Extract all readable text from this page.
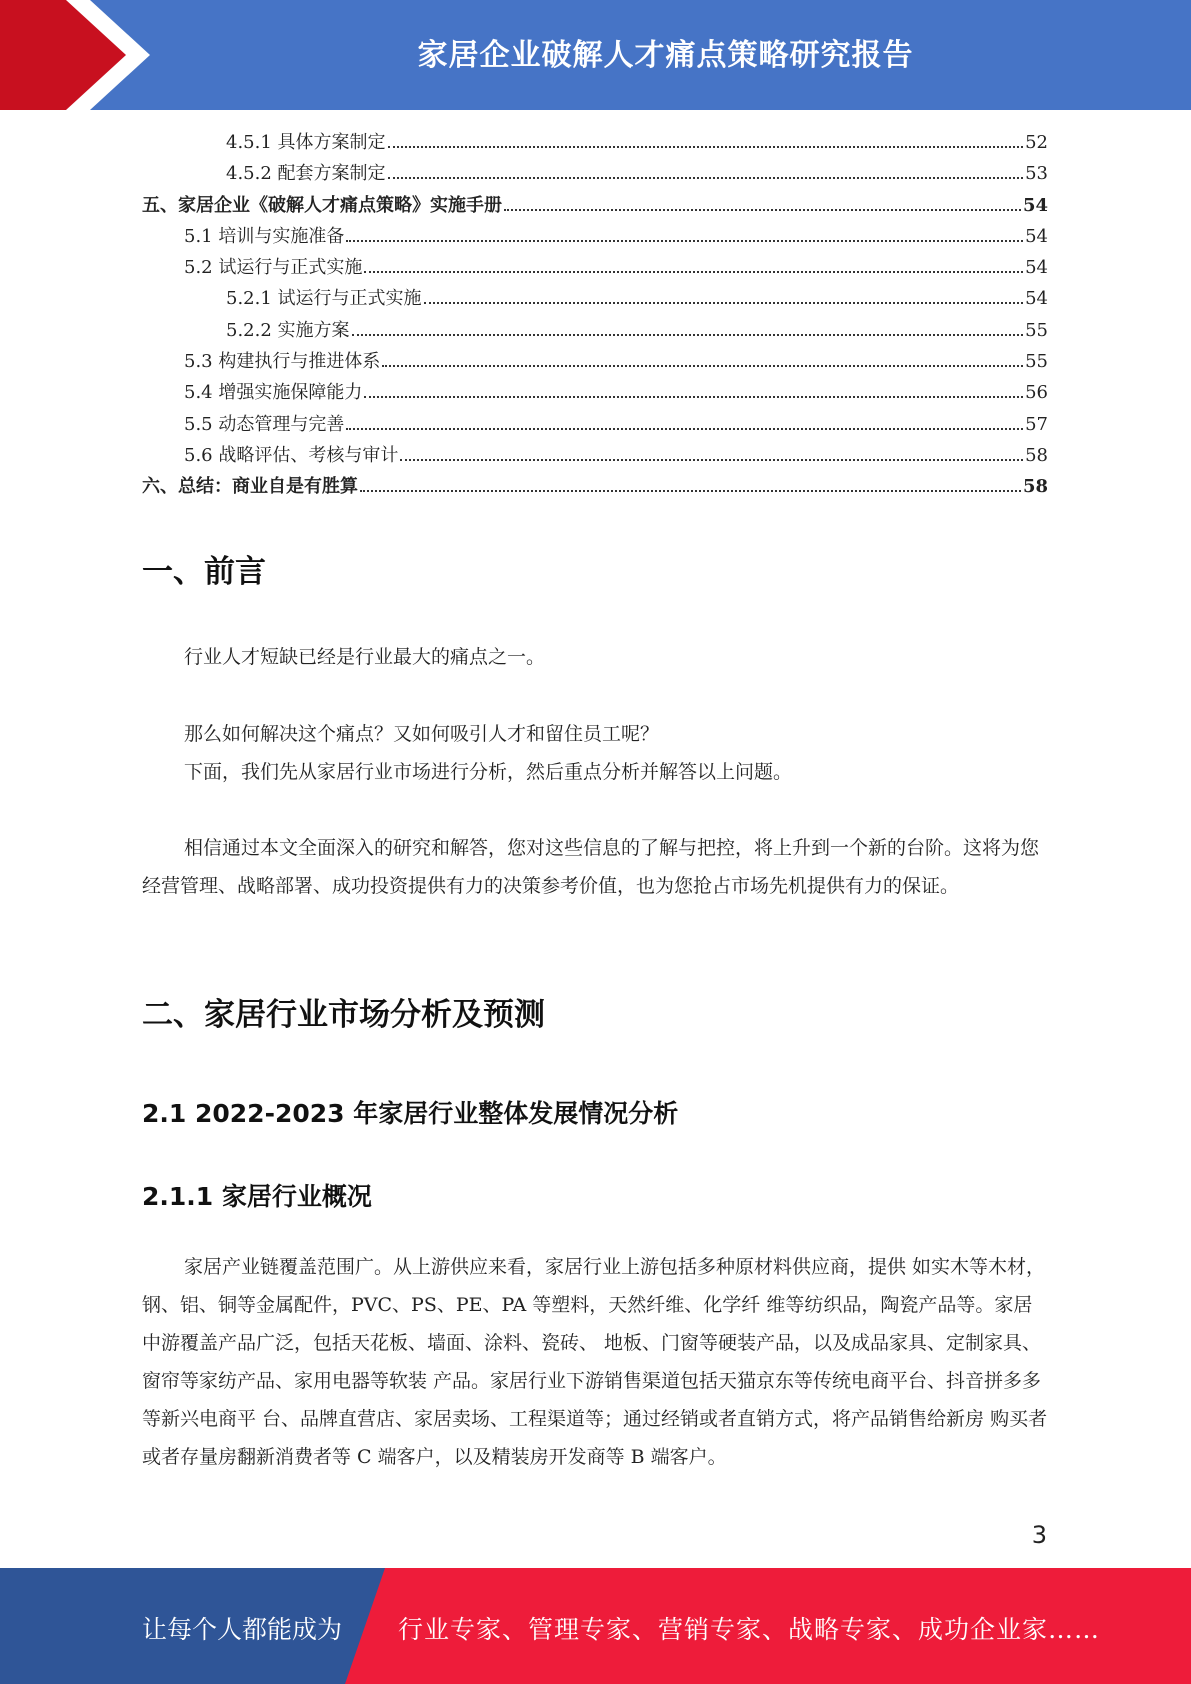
家居企业破解人才痛点策略研究报告
4.5.1 具体方案制定	52
4.5.2 配套方案制定	53
五、家居企业《破解人才痛点策略》实施手册	54
5.1 培训与实施准备	54
5.2 试运行与正式实施	54
5.2.1 试运行与正式实施	54
5.2.2 实施方案	55
5.3 构建执行与推进体系	55
5.4 增强实施保障能力	56
5.5 动态管理与完善	57
5.6 战略评估、考核与审计	58
六、总结：商业自是有胜算	58
一、前言

行业人才短缺已经是行业最大的痛点之一。

那么如何解决这个痛点？又如何吸引人才和留住员工呢？

下面，我们先从家居行业市场进行分析，然后重点分析并解答以上问题。

相信通过本文全面深入的研究和解答，您对这些信息的了解与把控，将上升到一个新的台阶。这将为您经营管理、战略部署、成功投资提供有力的决策参考价值，也为您抢占市场先机提供有力的保证。

二、家居行业市场分析及预测
2.1 2022-2023 年家居行业整体发展情况分析
2.1.1 家居行业概况

家居产业链覆盖范围广。从上游供应来看，家居行业上游包括多种原材料供应商，提供 如实木等木材，钢、铝、铜等金属配件，PVC、PS、PE、PA 等塑料，天然纤维、化学纤 维等纺织品，陶瓷产品等。家居中游覆盖产品广泛，包括天花板、墙面、涂料、瓷砖、 地板、门窗等硬装产品，以及成品家具、定制家具、窗帘等家纺产品、家用电器等软装 产品。家居行业下游销售渠道包括天猫京东等传统电商平台、抖音拼多多等新兴电商平 台、品牌直营店、家居卖场、工程渠道等；通过经销或者直销方式，将产品销售给新房 购买者或者存量房翻新消费者等 C 端客户，以及精装房开发商等 B 端客户。

3
让每个人都能成为 行业专家、管理专家、营销专家、战略专家、成功企业家……
